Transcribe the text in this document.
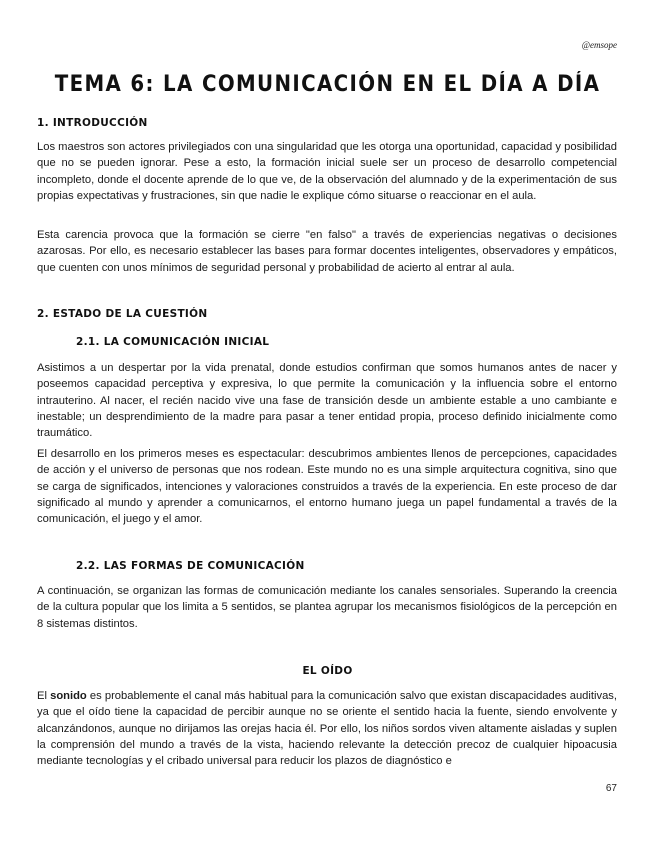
@emsope
TEMA 6: LA COMUNICACIÓN EN EL DÍA A DÍA
1. INTRODUCCIÓN

Los maestros son actores privilegiados con una singularidad que les otorga una oportunidad, capacidad y posibilidad que no se pueden ignorar. Pese a esto, la formación inicial suele ser un proceso de desarrollo competencial incompleto, donde el docente aprende de lo que ve, de la observación del alumnado y de la experimentación de sus propias expectativas y frustraciones, sin que nadie le explique cómo situarse o reaccionar en el aula.

Esta carencia provoca que la formación se cierre "en falso" a través de experiencias negativas o decisiones azarosas. Por ello, es necesario establecer las bases para formar docentes inteligentes, observadores y empáticos, que cuenten con unos mínimos de seguridad personal y probabilidad de acierto al entrar al aula.

2. ESTADO DE LA CUESTIÓN
2.1. LA COMUNICACIÓN INICIAL

Asistimos a un despertar por la vida prenatal, donde estudios confirman que somos humanos antes de nacer y poseemos capacidad perceptiva y expresiva, lo que permite la comunicación y la influencia sobre el entorno intrauterino. Al nacer, el recién nacido vive una fase de transición desde un ambiente estable a uno cambiante e inestable; un desprendimiento de la madre para pasar a tener entidad propia, proceso definido inicialmente como traumático.

El desarrollo en los primeros meses es espectacular: descubrimos ambientes llenos de percepciones, capacidades de acción y el universo de personas que nos rodean. Este mundo no es una simple arquitectura cognitiva, sino que se carga de significados, intenciones y valoraciones construidos a través de la experiencia. En este proceso de dar significado al mundo y aprender a comunicarnos, el entorno humano juega un papel fundamental a través de la comunicación, el juego y el amor.

2.2. LAS FORMAS DE COMUNICACIÓN

A continuación, se organizan las formas de comunicación mediante los canales sensoriales. Superando la creencia de la cultura popular que los limita a 5 sentidos, se plantea agrupar los mecanismos fisiológicos de la percepción en 8 sistemas distintos.

EL OÍDO

El sonido es probablemente el canal más habitual para la comunicación salvo que existan discapacidades auditivas, ya que el oído tiene la capacidad de percibir aunque no se oriente el sentido hacia la fuente, siendo envolvente y alcanzándonos, aunque no dirijamos las orejas hacia él. Por ello, los niños sordos viven altamente aisladas y suplen la comprensión del mundo a través de la vista, haciendo relevante la detección precoz de cualquier hipoacusia mediante tecnologías y el cribado universal para reducir los plazos de diagnóstico e

67
